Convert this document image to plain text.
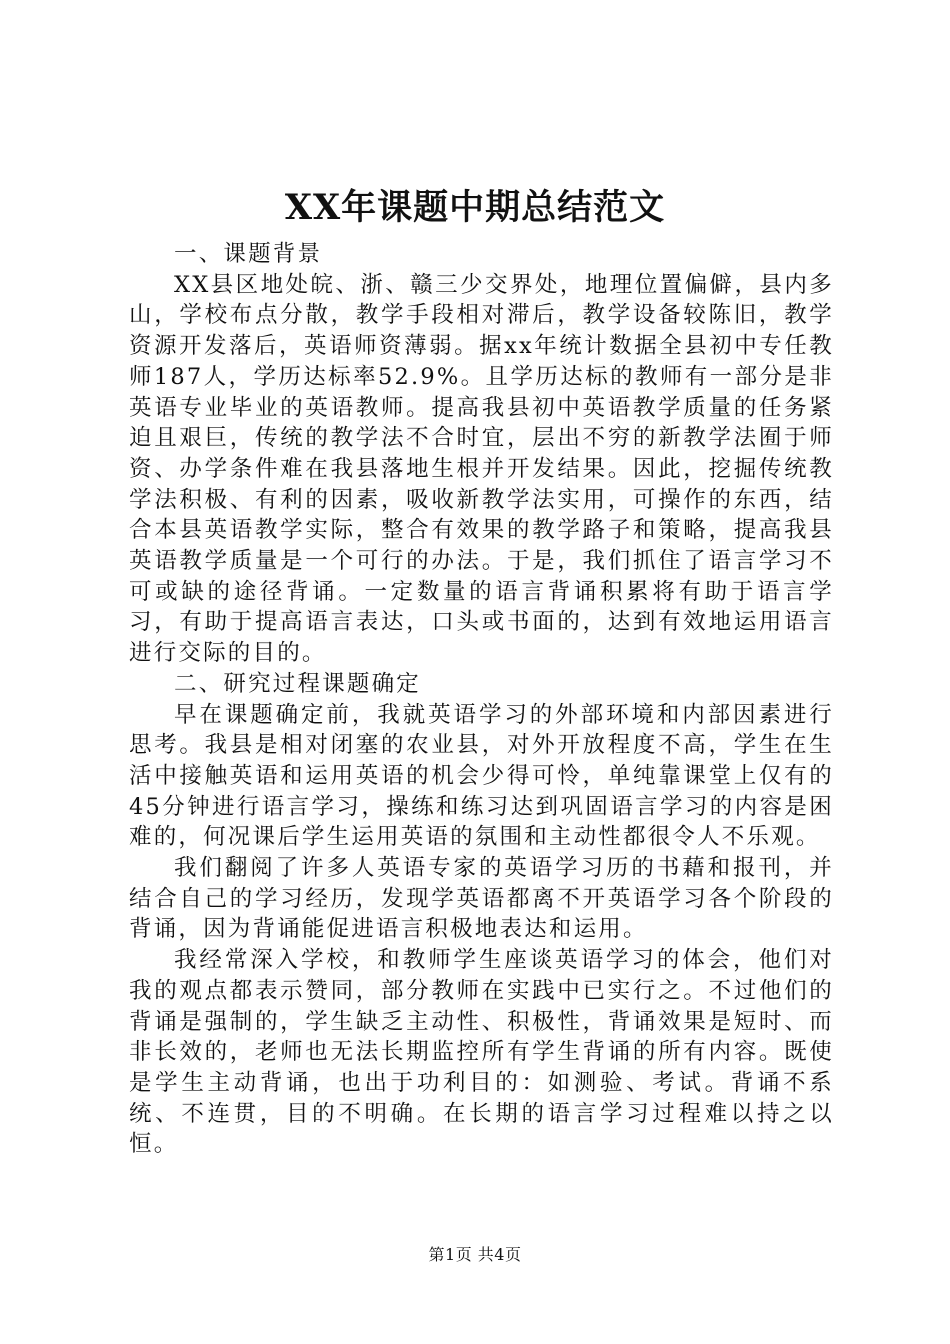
XX年课题中期总结范文

一、课题背景

XX县区地处皖、浙、赣三少交界处，地理位置偏僻，县内多山，学校布点分散，教学手段相对滞后，教学设备较陈旧，教学资源开发落后，英语师资薄弱。据xx年统计数据全县初中专任教师187人，学历达标率52.9%。且学历达标的教师有一部分是非英语专业毕业的英语教师。提高我县初中英语教学质量的任务紧迫且艰巨，传统的教学法不合时宜，层出不穷的新教学法囿于师资、办学条件难在我县落地生根并开发结果。因此，挖掘传统教学法积极、有利的因素，吸收新教学法实用，可操作的东西，结合本县英语教学实际，整合有效果的教学路子和策略，提高我县英语教学质量是一个可行的办法。于是，我们抓住了语言学习不可或缺的途径背诵。一定数量的语言背诵积累将有助于语言学习，有助于提高语言表达，口头或书面的，达到有效地运用语言进行交际的目的。

二、研究过程课题确定

早在课题确定前，我就英语学习的外部环境和内部因素进行思考。我县是相对闭塞的农业县，对外开放程度不高，学生在生活中接触英语和运用英语的机会少得可怜，单纯靠课堂上仅有的45分钟进行语言学习，操练和练习达到巩固语言学习的内容是困难的，何况课后学生运用英语的氛围和主动性都很令人不乐观。

我们翻阅了许多人英语专家的英语学习历的书藉和报刊，并结合自己的学习经历，发现学英语都离不开英语学习各个阶段的背诵，因为背诵能促进语言积极地表达和运用。

我经常深入学校，和教师学生座谈英语学习的体会，他们对我的观点都表示赞同，部分教师在实践中已实行之。不过他们的背诵是强制的，学生缺乏主动性、积极性，背诵效果是短时、而非长效的，老师也无法长期监控所有学生背诵的所有内容。既使是学生主动背诵，也出于功利目的：如测验、考试。背诵不系统、不连贯，目的不明确。在长期的语言学习过程难以持之以恒。

第1页 共4页
